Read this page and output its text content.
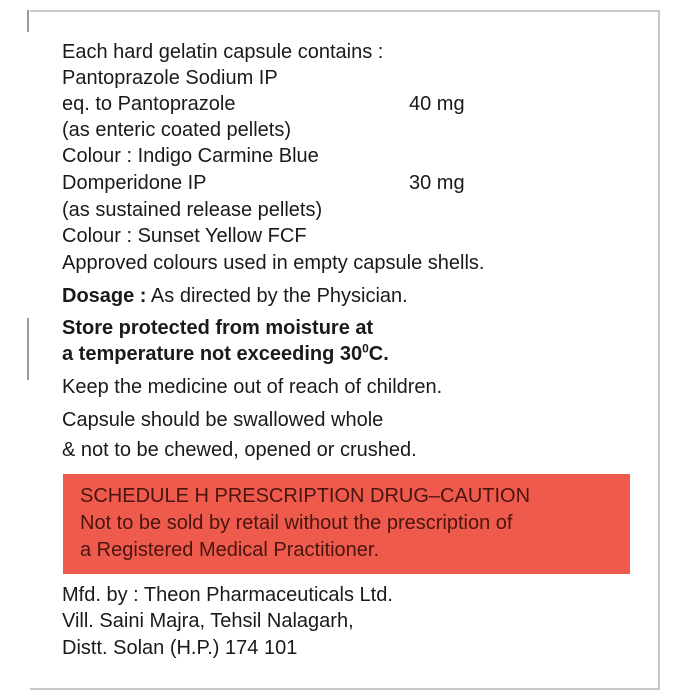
Each hard gelatin capsule contains :
Pantoprazole Sodium IP
eq. to Pantoprazole	40 mg
(as enteric coated pellets)
Colour : Indigo Carmine Blue
Domperidone IP	30 mg
(as sustained release pellets)
Colour : Sunset Yellow FCF
Approved colours used in empty capsule shells.
Dosage : As directed by the Physician.
Store protected from moisture at
a temperature not exceeding $30^0C$.
Keep the medicine out of reach of children.
Capsule should be swallowed whole
& not to be chewed, opened or crushed.
SCHEDULE H PRESCRIPTION DRUG–CAUTION
Not to be sold by retail without the prescription of
a Registered Medical Practitioner.
Mfd. by : Theon Pharmaceuticals Ltd.
Vill. Saini Majra, Tehsil Nalagarh,
Distt. Solan (H.P.) 174 101
